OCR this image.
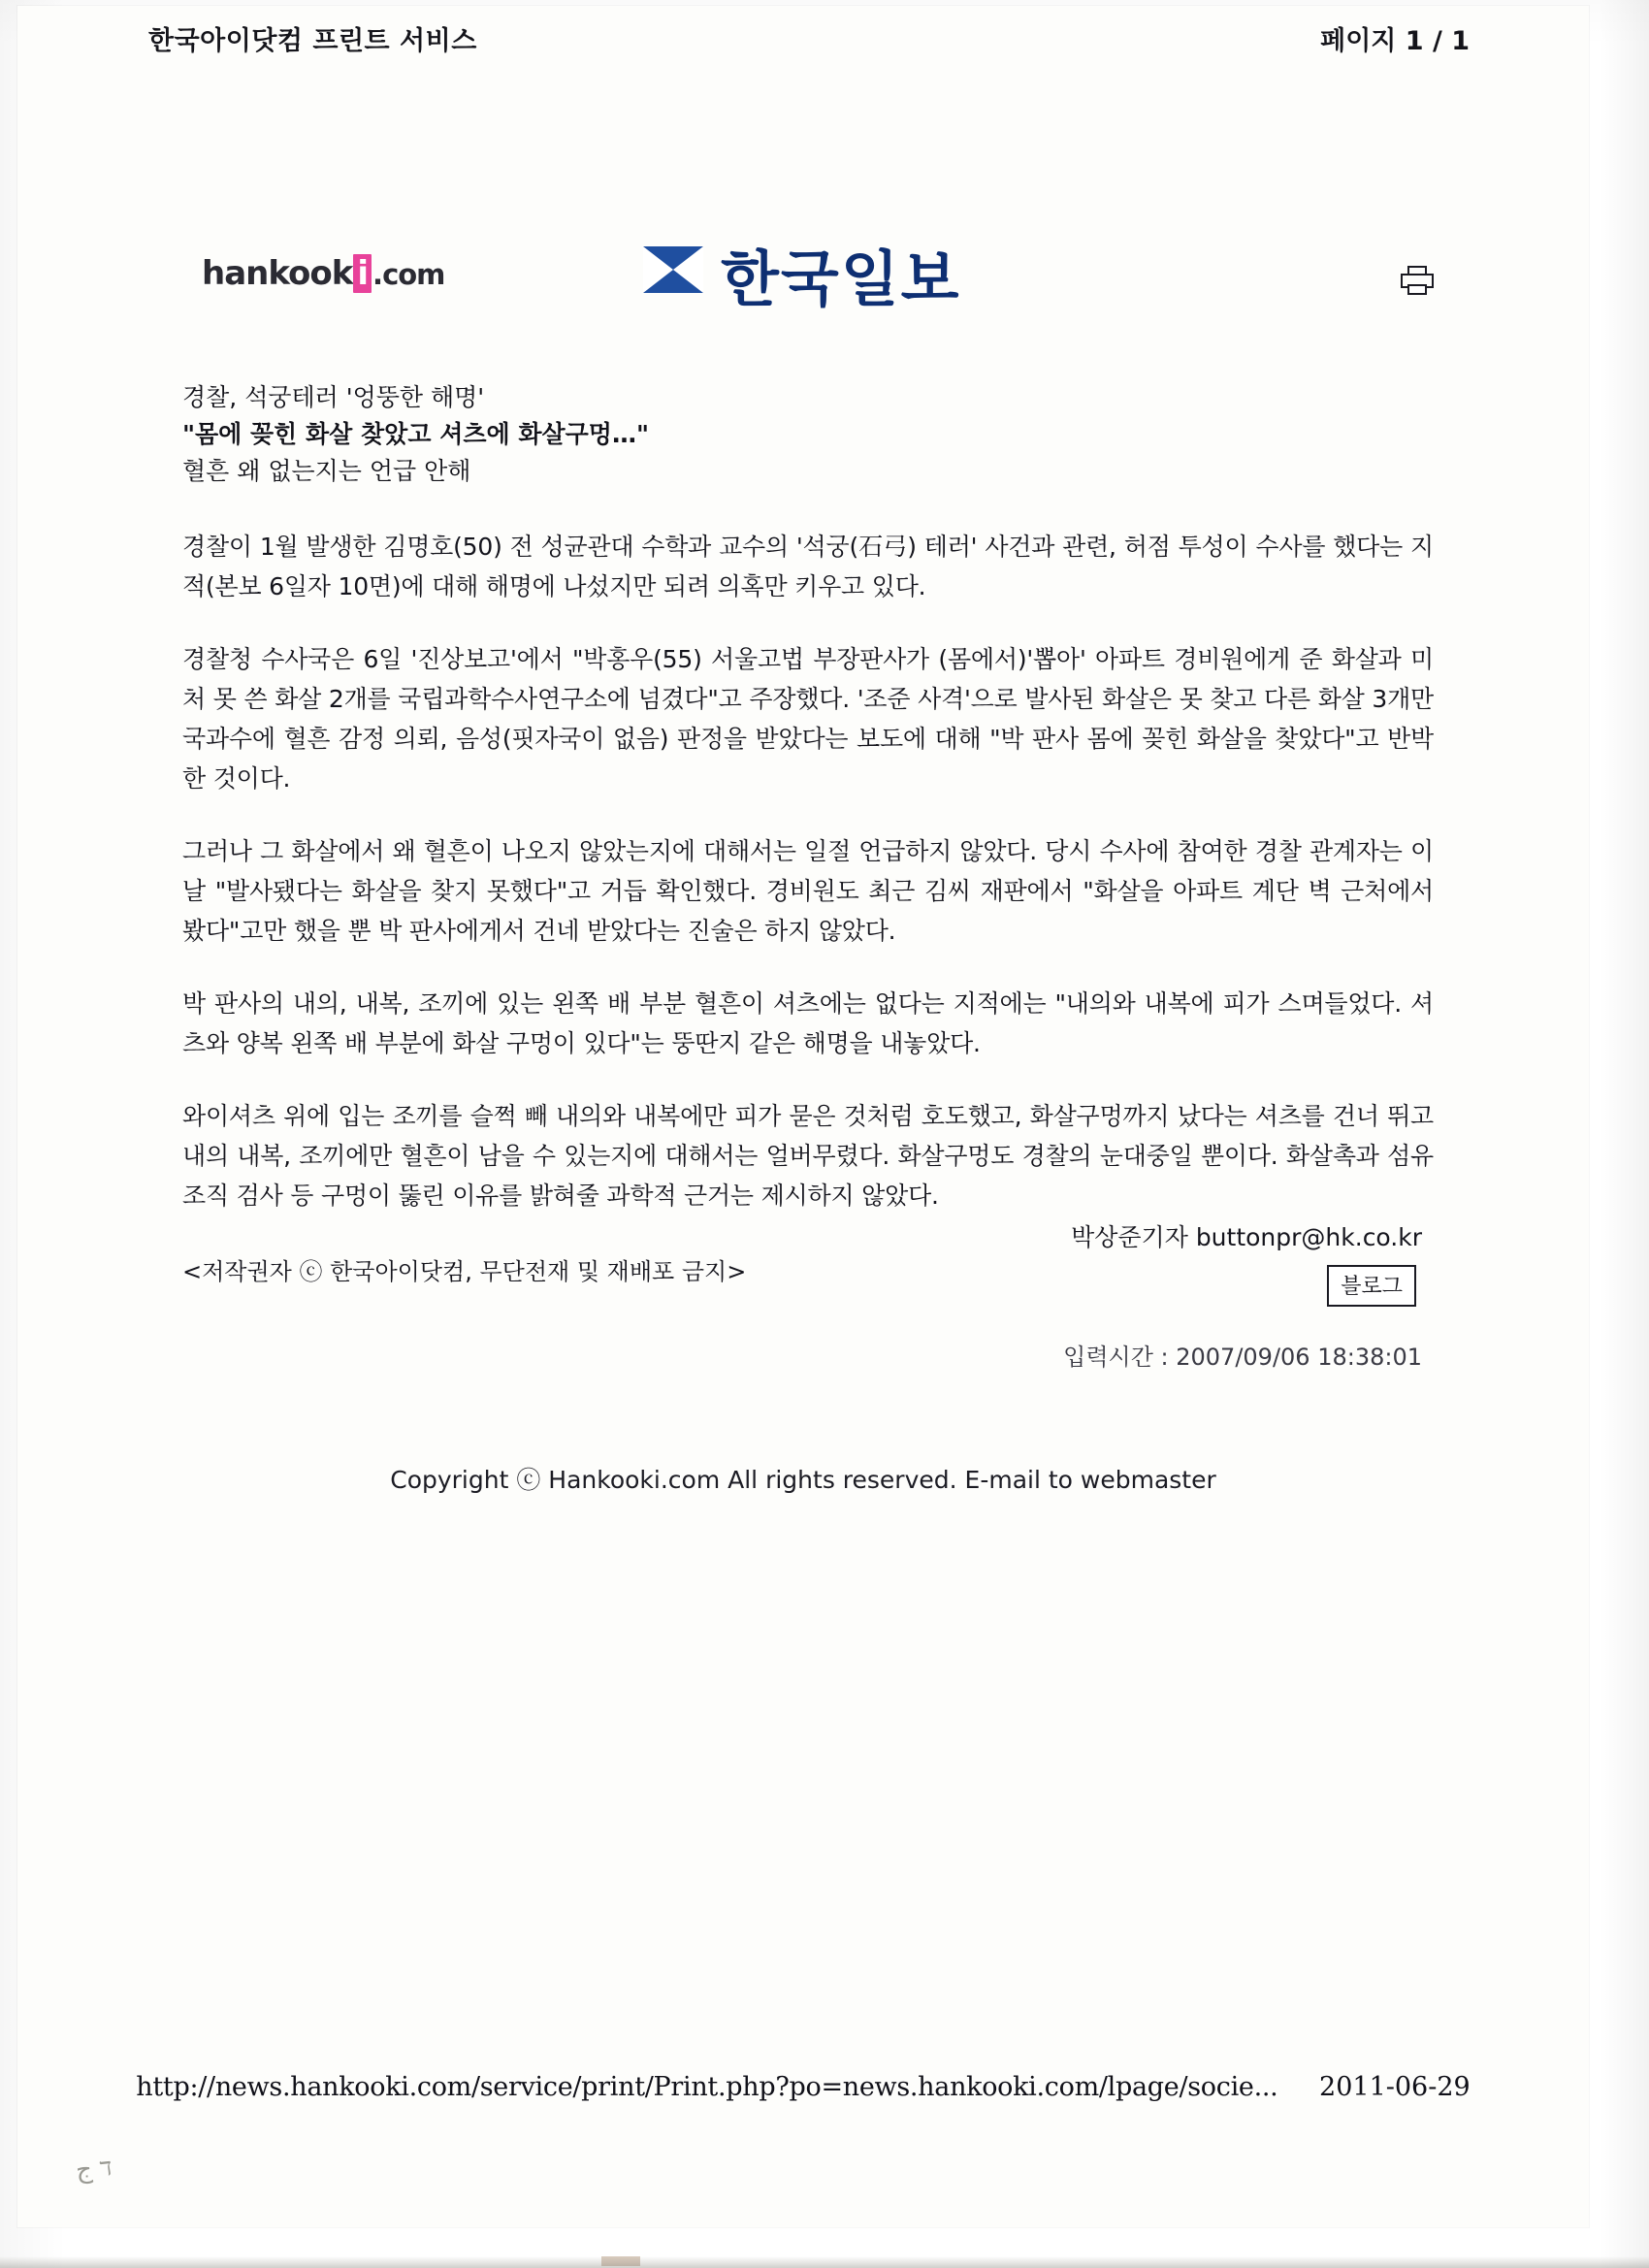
한국아이닷컴 프린트 서비스	페이지 1 / 1
hankook i .com	한국일보
경찰, 석궁테러 '엉뚱한 해명'
"몸에 꽂힌 화살 찾았고 셔츠에 화살구멍…"
혈흔 왜 없는지는 언급 안해

경찰이 1월 발생한 김명호(50) 전 성균관대 수학과 교수의 '석궁(石弓) 테러' 사건과 관련, 허점 투성이 수사를 했다는 지적(본보 6일자 10면)에 대해 해명에 나섰지만 되려 의혹만 키우고 있다.

경찰청 수사국은 6일 '진상보고'에서 "박홍우(55) 서울고법 부장판사가 (몸에서)'뽑아' 아파트 경비원에게 준 화살과 미처 못 쓴 화살 2개를 국립과학수사연구소에 넘겼다"고 주장했다. '조준 사격'으로 발사된 화살은 못 찾고 다른 화살 3개만 국과수에 혈흔 감정 의뢰, 음성(핏자국이 없음) 판정을 받았다는 보도에 대해 "박 판사 몸에 꽂힌 화살을 찾았다"고 반박한 것이다.

그러나 그 화살에서 왜 혈흔이 나오지 않았는지에 대해서는 일절 언급하지 않았다. 당시 수사에 참여한 경찰 관계자는 이날 "발사됐다는 화살을 찾지 못했다"고 거듭 확인했다. 경비원도 최근 김씨 재판에서 "화살을 아파트 계단 벽 근처에서 봤다"고만 했을 뿐 박 판사에게서 건네 받았다는 진술은 하지 않았다.

박 판사의 내의, 내복, 조끼에 있는 왼쪽 배 부분 혈흔이 셔츠에는 없다는 지적에는 "내의와 내복에 피가 스며들었다. 셔츠와 양복 왼쪽 배 부분에 화살 구멍이 있다"는 뚱딴지 같은 해명을 내놓았다.

와이셔츠 위에 입는 조끼를 슬쩍 빼 내의와 내복에만 피가 묻은 것처럼 호도했고, 화살구멍까지 났다는 셔츠를 건너 뛰고 내의 내복, 조끼에만 혈흔이 남을 수 있는지에 대해서는 얼버무렸다. 화살구멍도 경찰의 눈대중일 뿐이다. 화살촉과 섬유조직 검사 등 구멍이 뚫린 이유를 밝혀줄 과학적 근거는 제시하지 않았다.

<저작권자 ⓒ 한국아이닷컴, 무단전재 및 재배포 금지>
박상준기자 buttonpr@hk.co.kr
블로그
입력시간 : 2007/09/06 18:38:01
Copyright ⓒ Hankooki.com All rights reserved. E-mail to webmaster
http://news.hankooki.com/service/print/Print.php?po=news.hankooki.com/lpage/socie... 2011-06-29
ד ج
